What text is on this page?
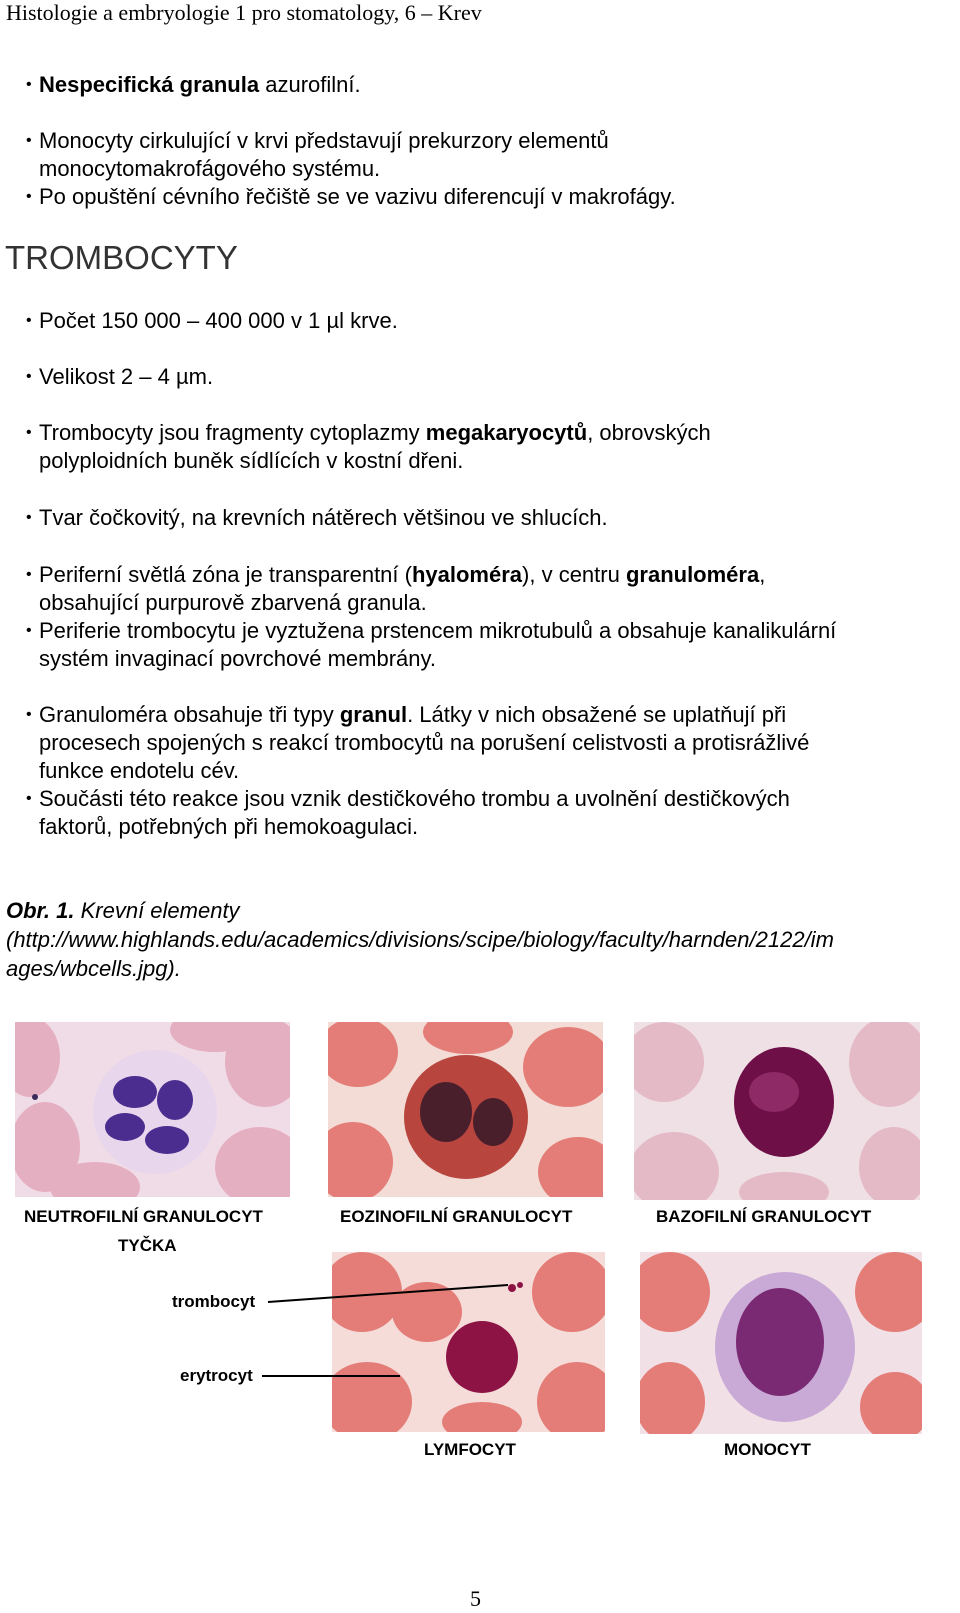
Histologie a embryologie 1 pro stomatology, 6 – Krev
• Nespecifická granula azurofilní.
• Monocyty cirkulující v krvi představují prekurzory elementů
monocytomakrofágového systému.
• Po opuštění cévního řečiště se ve vazivu diferencují v makrofágy.
TROMBOCYTY
• Počet 150 000 – 400 000 v 1 µl krve.
• Velikost 2 – 4 µm.
• Trombocyty jsou fragmenty cytoplazmy megakaryocytů, obrovských
polyploidních buněk sídlících v kostní dřeni.
• Tvar čočkovitý, na krevních nátěrech většinou ve shlucích.
• Periferní světlá zóna je transparentní (hyaloméra), v centru granuloméra,
obsahující purpurově zbarvená granula.
• Periferie trombocytu je vyztužena prstencem mikrotubulů a obsahuje kanalikulární
systém invaginací povrchové membrány.
• Granuloméra obsahuje tři typy granul. Látky v nich obsažené se uplatňují při
procesech spojených s reakcí trombocytů na porušení celistvosti a protisrážlivé
funkce endotelu cév.
• Součásti této reakce jsou vznik destičkového trombu a uvolnění destičkových
faktorů, potřebných při hemokoagulaci.
Obr. 1. Krevní elementy
(http://www.highlands.edu/academics/divisions/scipe/biology/faculty/harnden/2122/im
ages/wbcells.jpg).
NEUTROFILNÍ GRANULOCYT
TYČKA
EOZINOFILNÍ GRANULOCYT	BAZOFILNÍ GRANULOCYT
trombocyt
erytrocyt
LYMFOCYT	MONOCYT
5
